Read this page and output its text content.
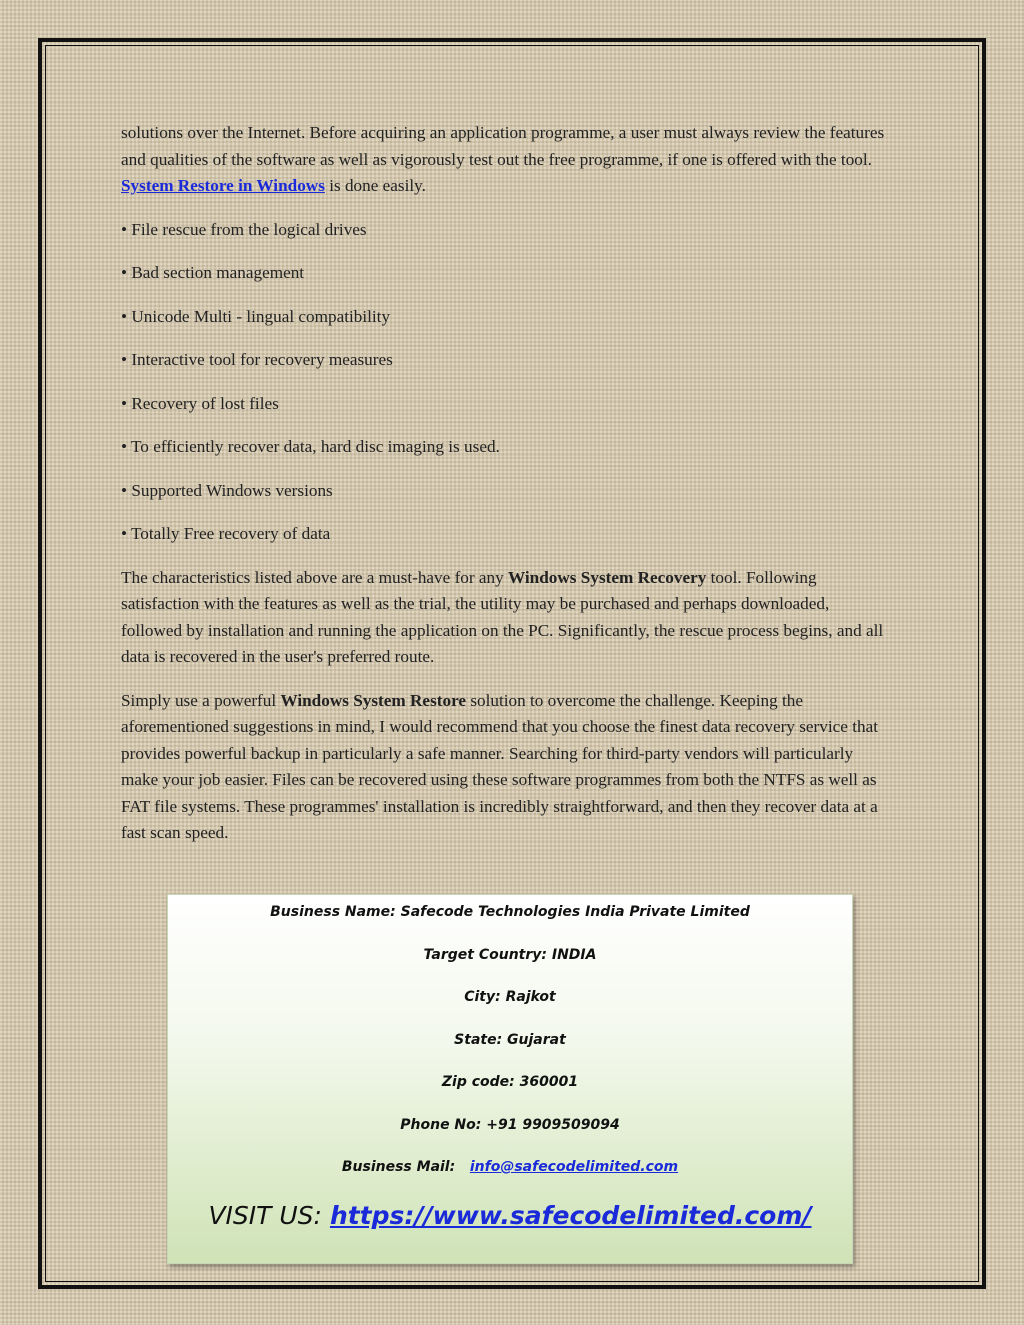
solutions over the Internet. Before acquiring an application programme, a user must always review the features and qualities of the software as well as vigorously test out the free programme, if one is offered with the tool. System Restore in Windows is done easily.

• File rescue from the logical drives
• Bad section management
• Unicode Multi - lingual compatibility
• Interactive tool for recovery measures
• Recovery of lost files
• To efficiently recover data, hard disc imaging is used.
• Supported Windows versions
• Totally Free recovery of data

The characteristics listed above are a must-have for any Windows System Recovery tool. Following satisfaction with the features as well as the trial, the utility may be purchased and perhaps downloaded, followed by installation and running the application on the PC. Significantly, the rescue process begins, and all data is recovered in the user's preferred route.

Simply use a powerful Windows System Restore solution to overcome the challenge. Keeping the aforementioned suggestions in mind, I would recommend that you choose the finest data recovery service that provides powerful backup in particularly a safe manner. Searching for third-party vendors will particularly make your job easier. Files can be recovered using these software programmes from both the NTFS as well as FAT file systems. These programmes' installation is incredibly straightforward, and then they recover data at a fast scan speed.

Business Name: Safecode Technologies India Private Limited
Target Country: INDIA
City: Rajkot
State: Gujarat
Zip code: 360001
Phone No: +91 9909509094
Business Mail: info@safecodelimited.com
VISIT US: https://www.safecodelimited.com/
